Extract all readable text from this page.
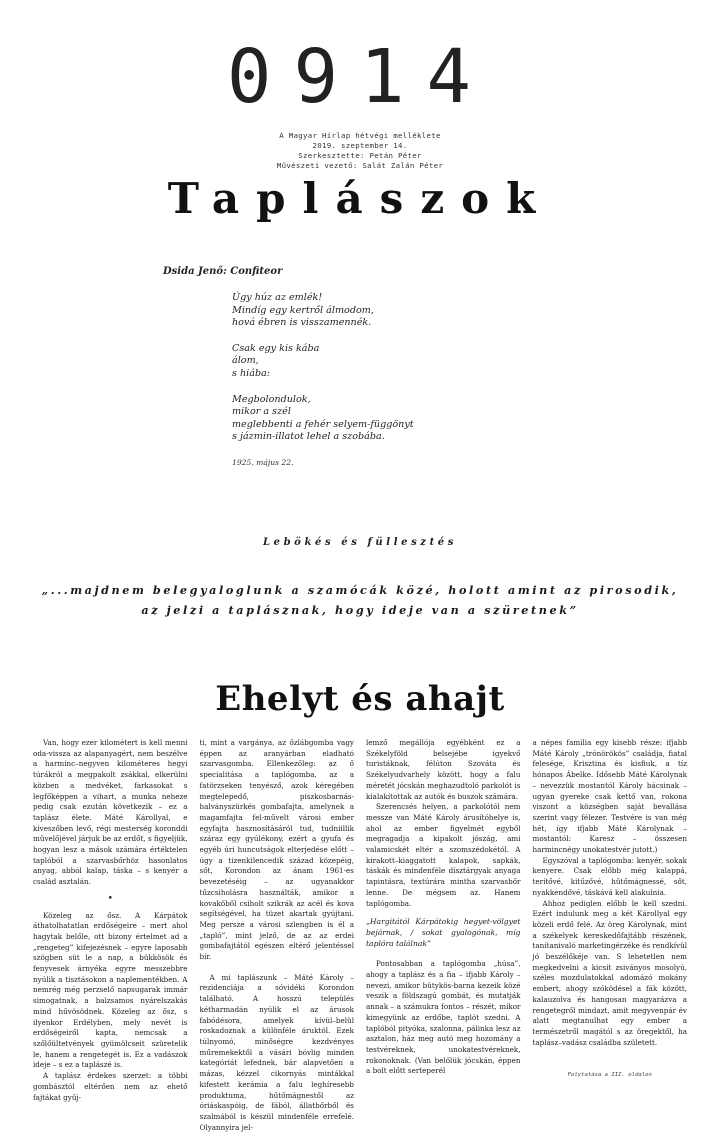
0914
A Magyar Hírlap hétvégi melléklete
2019. szeptember 14.
Szerkesztette: Petán Péter
Művészeti vezető: Salát Zalán Péter
Taplászok
Dsida Jenő: Confiteor
Úgy húz az emlék!
Mindíg egy kertről álmodom,
hová ébren is visszamennék.
Csak egy kis kába
álom,
s hiába:
Megbolondulok,
mikor a szél
meglebbenti a fehér selyem-függönyt
s jázmin-illatot lehel a szobába.
1925. május 22.
Lebökés és füllesztés
„...majdnem belegyaloglunk a szamócák közé, holott amint az pirosodik,
az jelzi a taplásznak, hogy ideje van a szüretnek”
Ehelyt és ahajt

Van, hogy ezer kilométert is kell menni oda-vissza az alapanyagért, nem beszélve a harminc–negyven kilométeres hegyi túrákról a megpakolt zsákkal, elkerülni közben a medvéket, farkasokat s legfőképpen a vihart, a munka neheze pedig csak ezután következik – ez a taplász élete. Máté Károllyal, e kiveszőben levő, régi mesterség koronddi művelőjével járjuk be az erdőt, s figyeljük, hogyan lesz a mások számára értéktelen taplóból a szarvasbőrhöz hasonlatos anyag, abból kalap, táska – s kenyér a család asztalán.

•

Közeleg az ősz. A Kárpátok áthatolhatatlan erdőségeire – mert ahol hagytak belőle, ott bizony értelmet ad a „rengeteg” kifejezésnek – egyre laposabb szögben süt le a nap, a bükkösök és fenyvesek árnyéka egyre messzebbre nyúlik a tisztásokon a naplementékben. A nemrég még perzselő napsugarak immár simogatnak, a balzsamos nyárelszakás mind hűvösödnek. Közeleg az ősz, s ilyenkor Erdélyben, mely nevét is erdőségeiről kapta, nemcsak a szőlőültetvények gyümölcseit szüretelik le, hanem a rengetegét is. Ez a vadászok ideje – s ez a taplászé is.

A taplász érdekes szerzet: a többi gombásztól eltérően nem az ehető fajtákat gyűj-

ti, mint a vargánya, az őzlábgomba vagy éppen az aranyárban eladható szarvasgomba. Ellenkezőleg: az ő specialitása a taplógomba, az a fatörzseken tenyésző, azok kéregében megtelepedő, piszkosbarnás-halványszürkés gombafajta, amelynek a magamfajta fel-művelt városi ember egyfajta hasznosításáról tud, tudniillik száraz egy gyúlékony, ezért a gyufa és egyéb úri huncutságok elterjedése előtt – úgy a tizenkilencedik század közepéig, sőt, Korondon az ánam 1961-es bevezetéséig – az ugyanakkor tűzcsiholásra használták, amikor a kovakőből csiholt szikrák az acél és kova segítségével, ha tüzet akartak gyújtani. Meg persze a városi szlengben is él a „tapló”, mint jelző, de az az erdei gombafajtától egészen eltérő jelentéssel bír.

A mi taplászunk – Máté Károly – rezidenciája a sóvidéki Korondon található. A hosszú település kétharmadán nyúlik el az árusok fabódésora, amelyek kívül–belül roskadoznak a különféle áruktól. Ezek túlnyomó, minőségre kezdvényes műremekektől a vásári bóvlig minden kategóriát lefednek, bár alapvetően a mázas, kézzel cikornyás mintákkal kifestett kerámia a falu leghíresebb produktuma, hűtőmágnestől az óriáskaspóig, de fából, állatbőrből és szalmából is készül mindenféle errefelé. Olyannyira jel-

lemző megállója egyébként ez a Székelyföld belsejébe igyekvő turistáknak, félúton Szováta és Székelyudvarhely között, hogy a falu méretét jócskán meghazudtoló parkolót is kialakítottak az autók és buszok számára.

Szerencsés helyen, a parkolótól nem messze van Máté Károly árusítóhelye is, ahol az ember figyelmét egyből megragadja a kipakolt jószág, ami valamicskét eltér a szomszédokétól. A kirakott–kiaggatott kalapok, sapkák, táskák és mindenféle dísztárgyak anyaga tapintásra, textúrára mintha szarvasbőr lenne. De mégsem az. Hanem taplógomba.

„Hargitától Kárpátokig hegyet-völgyet bejárnak, / sokat gyalogónak, míg taplóra találnak”

Pontosabban a taplógomba „húsa”, ahogy a taplász és a fia – ifjabb Károly – nevezi, amikor bütykös-barna kezeik közé veszik a földszagú gombát, és mutatják annak – a számukra fontos – részét, mikor kimegyünk az erdőbe, taplót szedni. A taplóból pityóka, szalonna, pálinka lesz az asztalon, ház meg autó meg hozomány a testvéreknek, unokatestvéreknek, rokonoknak. (Van belőlük jócskán, éppen a bolt előtt serteperél

a népes família egy kisebb része: ifjabb Máté Károly „trónörökös” családja, fiatal felesége, Krisztina és kisfiuk, a tíz hónapos Ábelke. Idősebb Máté Károlynak – nevezzük mostantól Károly bácsinak – ugyan gyereke csak kettő van, rokona viszont a községben saját bevallása szerint vagy félezer. Testvére is van még hét, így ifjabb Máté Károlynak – mostantól: Karesz – összesen harmincnégy unokatestvér jutott.)

Egyszóval a taplógomba: kenyér, sokak kenyere. Csak előbb még kalappá, terítővé, kitűzővé, hűtőmágnessé, sőt, nyakkendővé, táskává kell alakulnia.

Ahhoz pediglen előbb le kell szedni. Ezért indulunk meg a két Károllyal egy közeli erdő felé. Az öreg Károlynak, mint a székelyek kereskedőfajtább részének, tanítanivaló marketingérzéke és rendkívül jó beszélőkéje van. S lehetetlen nem megkedvelni a kicsit zsiványos mosolyú, széles mozdulatokkal adomázó mokány embert, ahogy szóködésel a fák között, kalauzolva és hangosan magyarázva a rengetegről mindazt, amit megyvenpár év alatt megtanulhat egy ember a természetről magától s az öregektől, ha taplász–vadász családba született.

Folytatása a III. oldalon
